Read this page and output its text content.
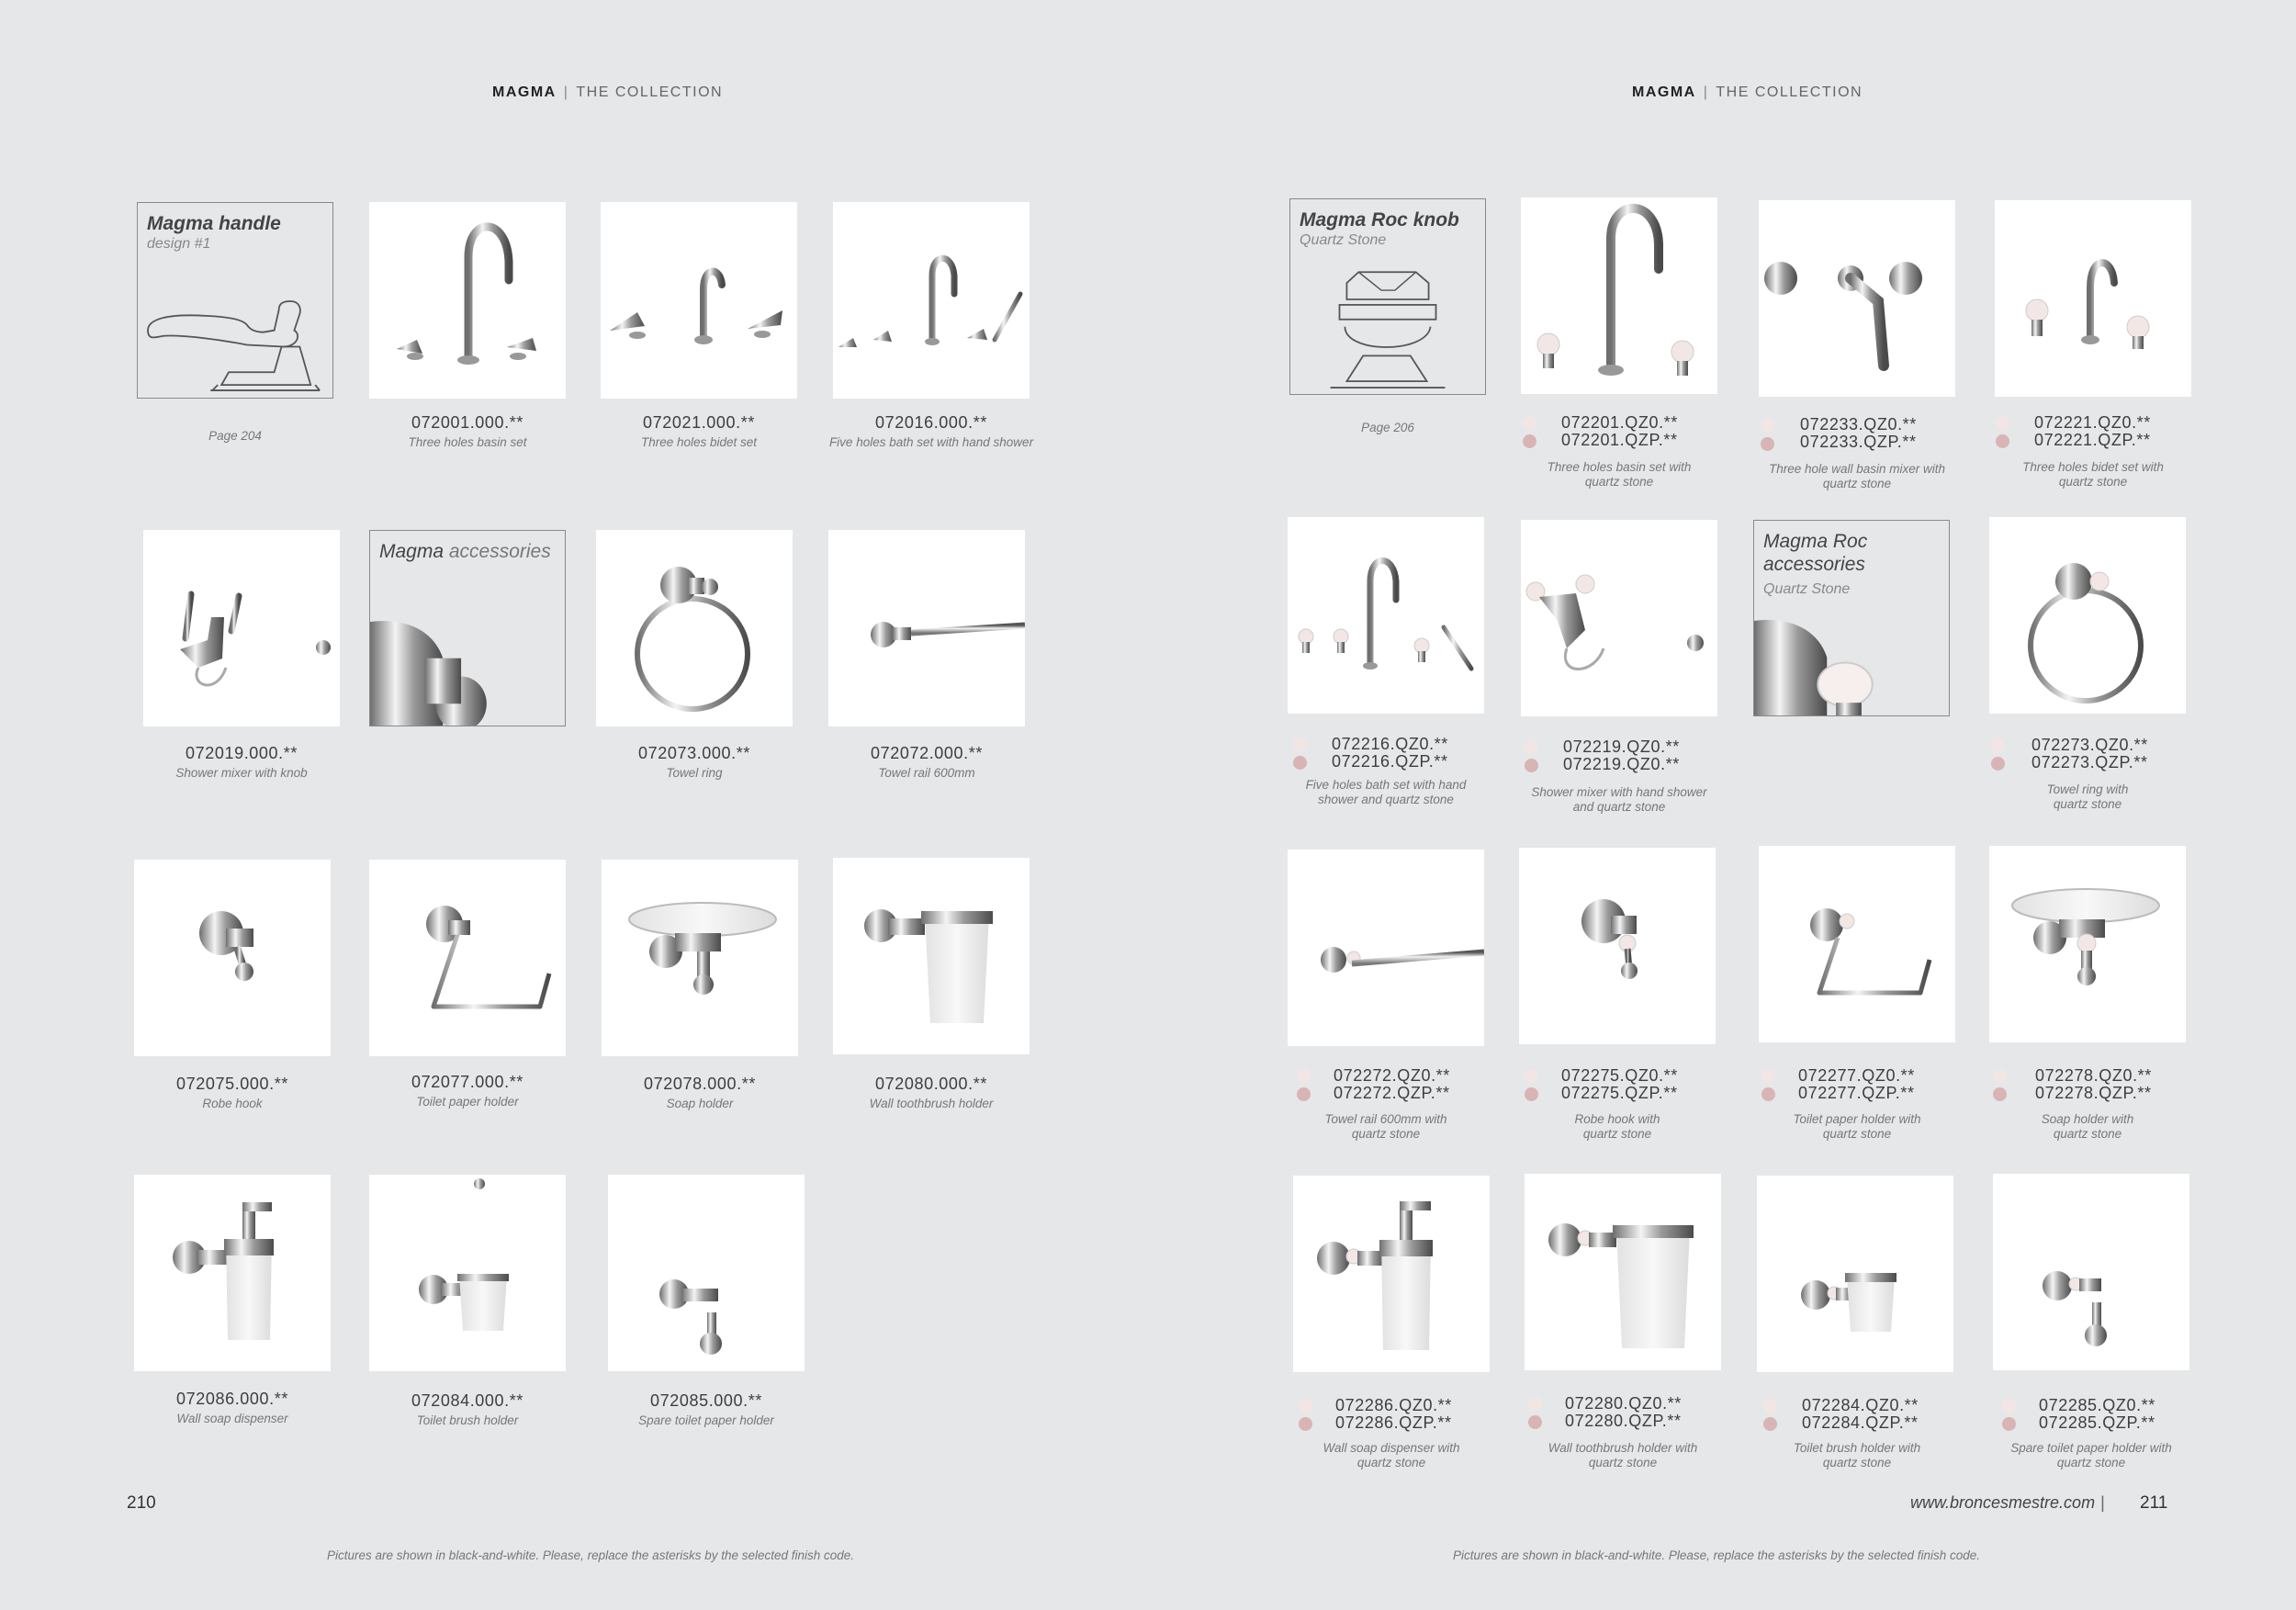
MAGMA | THE COLLECTION	MAGMA | THE COLLECTION
Magma handle
design #1
Page 204
072001.000.**
Three holes basin set
072021.000.**
Three holes bidet set
072016.000.**
Five holes bath set with hand shower
072019.000.**
Shower mixer with knob
Magma accessories
072073.000.**
Towel ring
072072.000.**
Towel rail 600mm
072075.000.**
Robe hook
072077.000.**
Toilet paper holder
072078.000.**
Soap holder
072080.000.**
Wall toothbrush holder
072086.000.**
Wall soap dispenser
072084.000.**
Toilet brush holder
072085.000.**
Spare toilet paper holder
210
Pictures are shown in black-and-white. Please, replace the asterisks by the selected finish code.
Magma Roc knob
Quartz Stone
Page 206	072201.QZ0.**
072201.QZP.**
Three holes basin set with
quartz stone
072233.QZ0.**
072233.QZP.**
Three hole wall basin mixer with
quartz stone
072221.QZ0.**
072221.QZP.**
Three holes bidet set with
quartz stone
072216.QZ0.**
072216.QZP.**
Five holes bath set with hand
shower and quartz stone
072219.QZ0.**
072219.QZ0.**
Shower mixer with hand shower
and quartz stone
Magma Roc
accessories
Quartz Stone
072273.QZ0.**
072273.QZP.**
Towel ring with
quartz stone
072272.QZ0.**
072272.QZP.**
Towel rail 600mm with
quartz stone
072275.QZ0.**
072275.QZP.**
Robe hook with
quartz stone
072277.QZ0.**
072277.QZP.**
Toilet paper holder with
quartz stone
072278.QZ0.**
072278.QZP.**
Soap holder with
quartz stone
072286.QZ0.**
072286.QZP.**
Wall soap dispenser with
quartz stone
072280.QZ0.**
072280.QZP.**
Wall toothbrush holder with
quartz stone
072284.QZ0.**
072284.QZP.**
Toilet brush holder with
quartz stone
072285.QZ0.**
072285.QZP.**
Spare toilet paper holder with
quartz stone
www.broncesmestre.com | 211
Pictures are shown in black-and-white. Please, replace the asterisks by the selected finish code.
